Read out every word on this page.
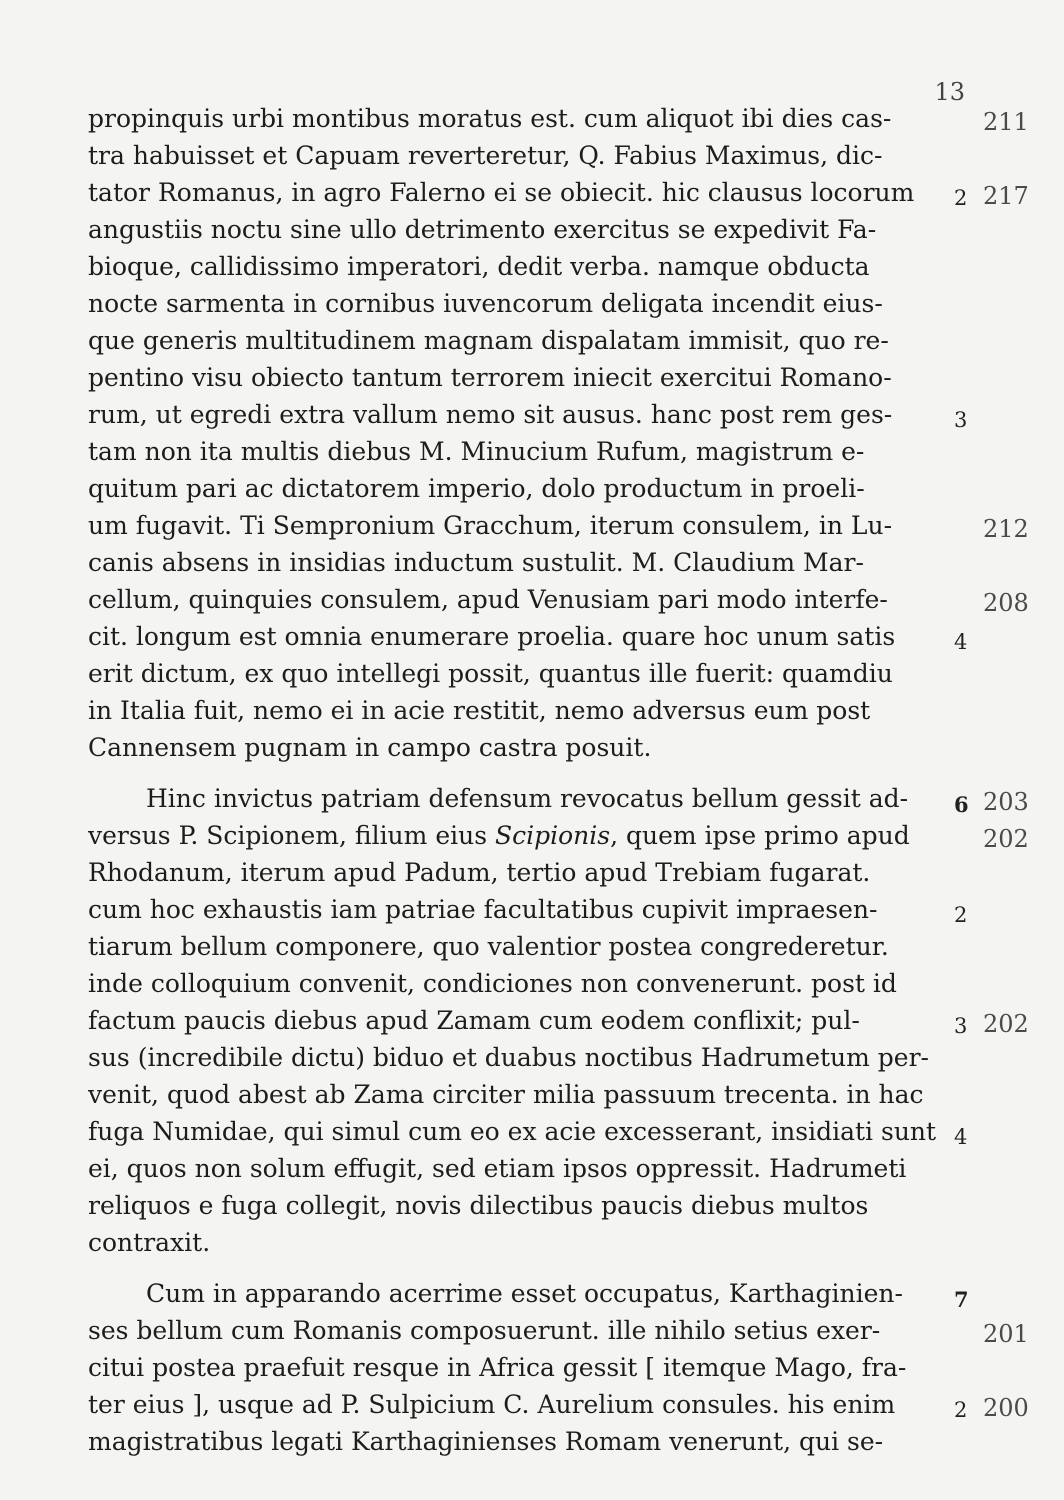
13
propinquis urbi montibus moratus est. cum aliquot ibi dies cas-	211
tra habuisset et Capuam reverteretur, Q. Fabius Maximus, dic-
tator Romanus, in agro Falerno ei se obiecit. hic clausus locorum	2 217
angustiis noctu sine ullo detrimento exercitus se expedivit Fa-
bioque, callidissimo imperatori, dedit verba. namque obducta
nocte sarmenta in cornibus iuvencorum deligata incendit eius-
que generis multitudinem magnam dispalatam immisit, quo re-
pentino visu obiecto tantum terrorem iniecit exercitui Romano-
rum, ut egredi extra vallum nemo sit ausus. hanc post rem ges-	3
tam non ita multis diebus M. Minucium Rufum, magistrum e-
quitum pari ac dictatorem imperio, dolo productum in proeli-
um fugavit. Ti Sempronium Gracchum, iterum consulem, in Lu-	212
canis absens in insidias inductum sustulit. M. Claudium Mar-
cellum, quinquies consulem, apud Venusiam pari modo interfe-	208
cit. longum est omnia enumerare proelia. quare hoc unum satis	4
erit dictum, ex quo intellegi possit, quantus ille fuerit: quamdiu
in Italia fuit, nemo ei in acie restitit, nemo adversus eum post
Cannensem pugnam in campo castra posuit.
Hinc invictus patriam defensum revocatus bellum gessit ad-	6 203
versus P. Scipionem, filium eius Scipionis, quem ipse primo apud	202
Rhodanum, iterum apud Padum, tertio apud Trebiam fugarat.
cum hoc exhaustis iam patriae facultatibus cupivit impraesen-	2
tiarum bellum componere, quo valentior postea congrederetur.
inde colloquium convenit, condiciones non convenerunt. post id
factum paucis diebus apud Zamam cum eodem conflixit; pul-	3 202
sus (incredibile dictu) biduo et duabus noctibus Hadrumetum per-
venit, quod abest ab Zama circiter milia passuum trecenta. in hac
fuga Numidae, qui simul cum eo ex acie excesserant, insidiati sunt 4
ei, quos non solum effugit, sed etiam ipsos oppressit. Hadrumeti
reliquos e fuga collegit, novis dilectibus paucis diebus multos
contraxit.
Cum in apparando acerrime esset occupatus, Karthaginien-	7
ses bellum cum Romanis composuerunt. ille nihilo setius exer-	201
citui postea praefuit resque in Africa gessit [ itemque Mago, fra-
ter eius ], usque ad P. Sulpicium C. Aurelium consules. his enim	2 200
magistratibus legati Karthaginienses Romam venerunt, qui se-
